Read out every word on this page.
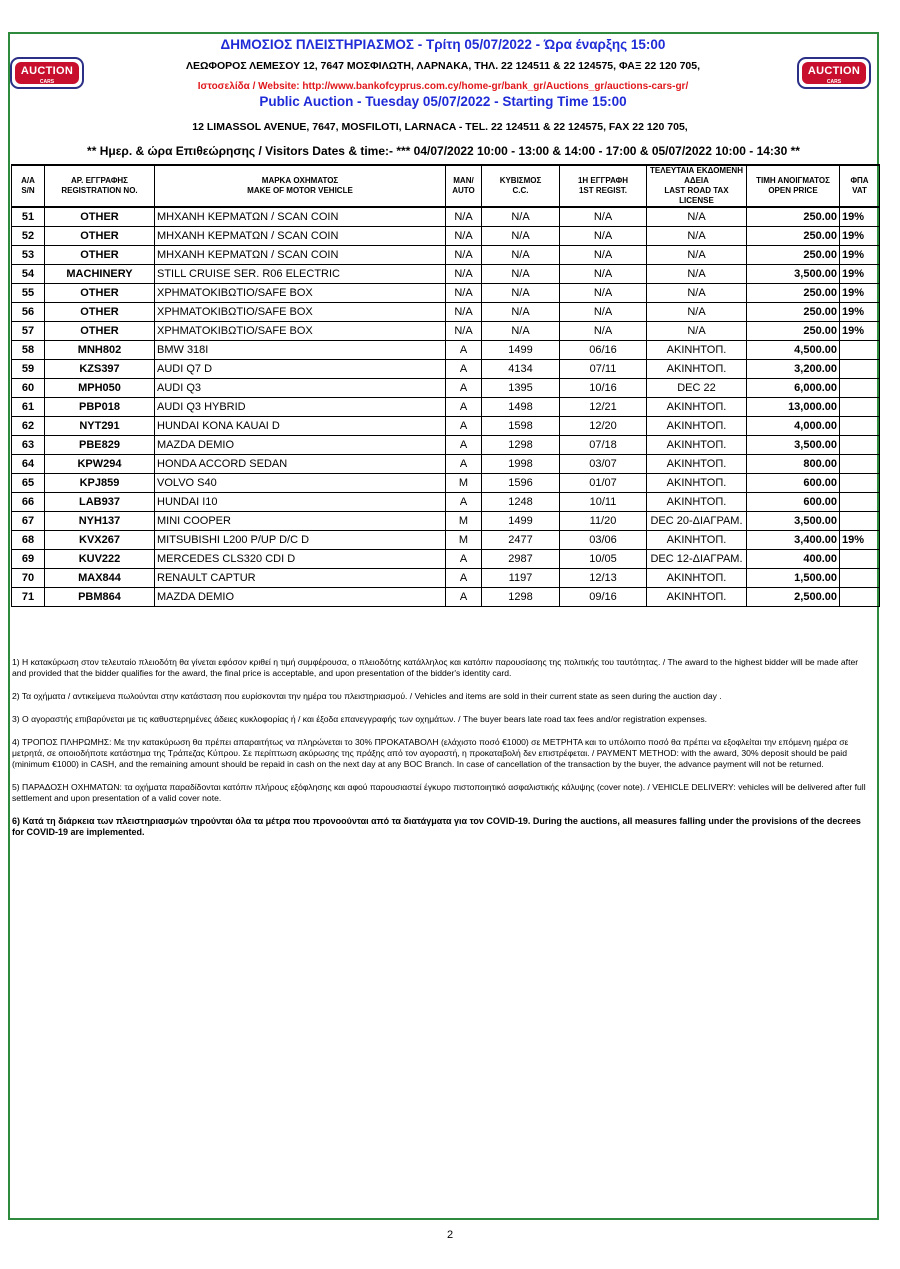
AUCTION
CARS
AUCTION
CARS
ΔΗΜΟΣΙΟΣ ΠΛΕΙΣΤΗΡΙΑΣΜΟΣ - Τρίτη 05/07/2022 - Ώρα έναρξης 15:00
ΛΕΩΦΟΡΟΣ ΛΕΜΕΣΟΥ 12, 7647 ΜΟΣΦΙΛΩΤΗ, ΛΑΡΝΑΚΑ, ΤΗΛ. 22 124511 & 22 124575, ΦΑΞ 22 120 705,
Ιστοσελίδα / Website: http://www.bankofcyprus.com.cy/home-gr/bank_gr/Auctions_gr/auctions-cars-gr/
Public Auction - Tuesday 05/07/2022 - Starting Time 15:00
12 LIMASSOL AVENUE, 7647, MOSFILOTI, LARNACA - TEL. 22 124511 & 22 124575, FAX 22 120 705,
** Ημερ. & ώρα Επιθεώρησης / Visitors Dates & time:- *** 04/07/2022 10:00 - 13:00 & 14:00 - 17:00 & 05/07/2022 10:00 - 14:30 **
Α/Α
S/N	ΑΡ. ΕΓΓΡΑΦΗΣ
REGISTRATION NO.	ΜΑΡΚΑ ΟΧΗΜΑΤΟΣ
MAKE OF MOTOR VEHICLE	MAN/
AUTO	ΚΥΒΙΣΜΟΣ
C.C.	1Η ΕΓΓΡΑΦΗ
1ST REGIST.	ΤΕΛΕΥΤΑΙΑ ΕΚΔΟΜΕΝΗ ΑΔΕΙΑ
LAST ROAD TAX LICENSE	ΤΙΜΗ ΑΝΟΙΓΜΑΤΟΣ
OPEN PRICE	ΦΠΑ
VAT

51	OTHER	ΜΗΧΑΝΗ ΚΕΡΜΑΤΩΝ / SCAN COIN	N/A	N/A	N/A	N/A	250.00	19%
52	OTHER	ΜΗΧΑΝΗ ΚΕΡΜΑΤΩΝ / SCAN COIN	N/A	N/A	N/A	N/A	250.00	19%
53	OTHER	ΜΗΧΑΝΗ ΚΕΡΜΑΤΩΝ / SCAN COIN	N/A	N/A	N/A	N/A	250.00	19%
54	MACHINERY	STILL CRUISE SER. R06 ELECTRIC	N/A	N/A	N/A	N/A	3,500.00	19%
55	OTHER	ΧΡΗΜΑΤΟΚΙΒΩΤΙΟ/SAFE BOX	N/A	N/A	N/A	N/A	250.00	19%
56	OTHER	ΧΡΗΜΑΤΟΚΙΒΩΤΙΟ/SAFE BOX	N/A	N/A	N/A	N/A	250.00	19%
57	OTHER	ΧΡΗΜΑΤΟΚΙΒΩΤΙΟ/SAFE BOX	N/A	N/A	N/A	N/A	250.00	19%
58	MNH802	BMW 318I	A	1499	06/16	ΑΚΙΝΗΤΟΠ.	4,500.00	
59	KZS397	AUDI Q7 D	A	4134	07/11	ΑΚΙΝΗΤΟΠ.	3,200.00	
60	MPH050	AUDI Q3	A	1395	10/16	DEC 22	6,000.00	
61	PBP018	AUDI Q3 HYBRID	A	1498	12/21	ΑΚΙΝΗΤΟΠ.	13,000.00	
62	NYT291	HUNDAI KONA KAUAI D	A	1598	12/20	ΑΚΙΝΗΤΟΠ.	4,000.00	
63	PBE829	MAZDA DEMIO	A	1298	07/18	ΑΚΙΝΗΤΟΠ.	3,500.00	
64	KPW294	HONDA ACCORD SEDAN	A	1998	03/07	ΑΚΙΝΗΤΟΠ.	800.00	
65	KPJ859	VOLVO S40	M	1596	01/07	ΑΚΙΝΗΤΟΠ.	600.00	
66	LAB937	HUNDAI I10	A	1248	10/11	ΑΚΙΝΗΤΟΠ.	600.00	
67	NYH137	MINI COOPER	M	1499	11/20	DEC 20-ΔΙΑΓΡΑΜ.	3,500.00	
68	KVX267	MITSUBISHI L200 P/UP D/C D	M	2477	03/06	ΑΚΙΝΗΤΟΠ.	3,400.00	19%
69	KUV222	MERCEDES CLS320 CDI D	A	2987	10/05	DEC 12-ΔΙΑΓΡΑΜ.	400.00	
70	MAX844	RENAULT CAPTUR	A	1197	12/13	ΑΚΙΝΗΤΟΠ.	1,500.00	
71	PBM864	MAZDA DEMIO	A	1298	09/16	ΑΚΙΝΗΤΟΠ.	2,500.00	
1) Η κατακύρωση στον τελευταίο πλειοδότη θα γίνεται εφόσον κριθεί η τιμή συμφέρουσα, ο πλειοδότης κατάλληλος και κατόπιν παρουσίασης της πολιτικής του ταυτότητας. / The award to the highest bidder will be made after and provided that the bidder qualifies for the award, the final price is acceptable, and upon presentation of the bidder's identity card.
2) Τα οχήματα / αντικείμενα πωλούνται στην κατάσταση που ευρίσκονται την ημέρα του πλειστηριασμού. / Vehicles and items are sold in their current state as seen during the auction day .
3) Ο αγοραστής επιβαρύνεται με τις καθυστερημένες άδειες κυκλοφορίας ή / και έξοδα επανεγγραφής των οχημάτων. / The buyer bears late road tax fees and/or registration expenses.
4) ΤΡΟΠΟΣ ΠΛΗΡΩΜΗΣ: Με την κατακύρωση θα πρέπει απαραιτήτως να πληρώνεται το 30% ΠΡΟΚΑΤΑΒΟΛΗ (ελάχιστο ποσό €1000) σε ΜΕΤΡΗΤΑ και το υπόλοιπο ποσό θα πρέπει να εξοφλείται την επόμενη ημέρα σε μετρητά, σε οποιοδήποτε κατάστημα της Τράπεζας Κύπρου. Σε περίπτωση ακύρωσης της πράξης από τον αγοραστή, η προκαταβολή δεν επιστρέφεται. / PAYMENT METHOD: with the award, 30% deposit should be paid (minimum €1000) in CASH, and the remaining amount should be repaid in cash on the next day at any BOC Branch. In case of cancellation of the transaction by the buyer, the advance payment will not be returned.
5) ΠΑΡΑΔΟΣΗ ΟΧΗΜΑΤΩΝ: τα οχήματα παραδίδονται κατόπιν πλήρους εξόφλησης και αφού παρουσιαστεί έγκυρο πιστοποιητικό ασφαλιστικής κάλυψης (cover note). / VEHICLE DELIVERY: vehicles will be delivered after full settlement and upon presentation of a valid cover note.
6) Κατά τη διάρκεια των πλειστηριασμών τηρούνται όλα τα μέτρα που προνοούνται από τα διατάγματα για τον COVID-19. During the auctions, all measures falling under the provisions of the decrees for COVID-19 are implemented.
2
